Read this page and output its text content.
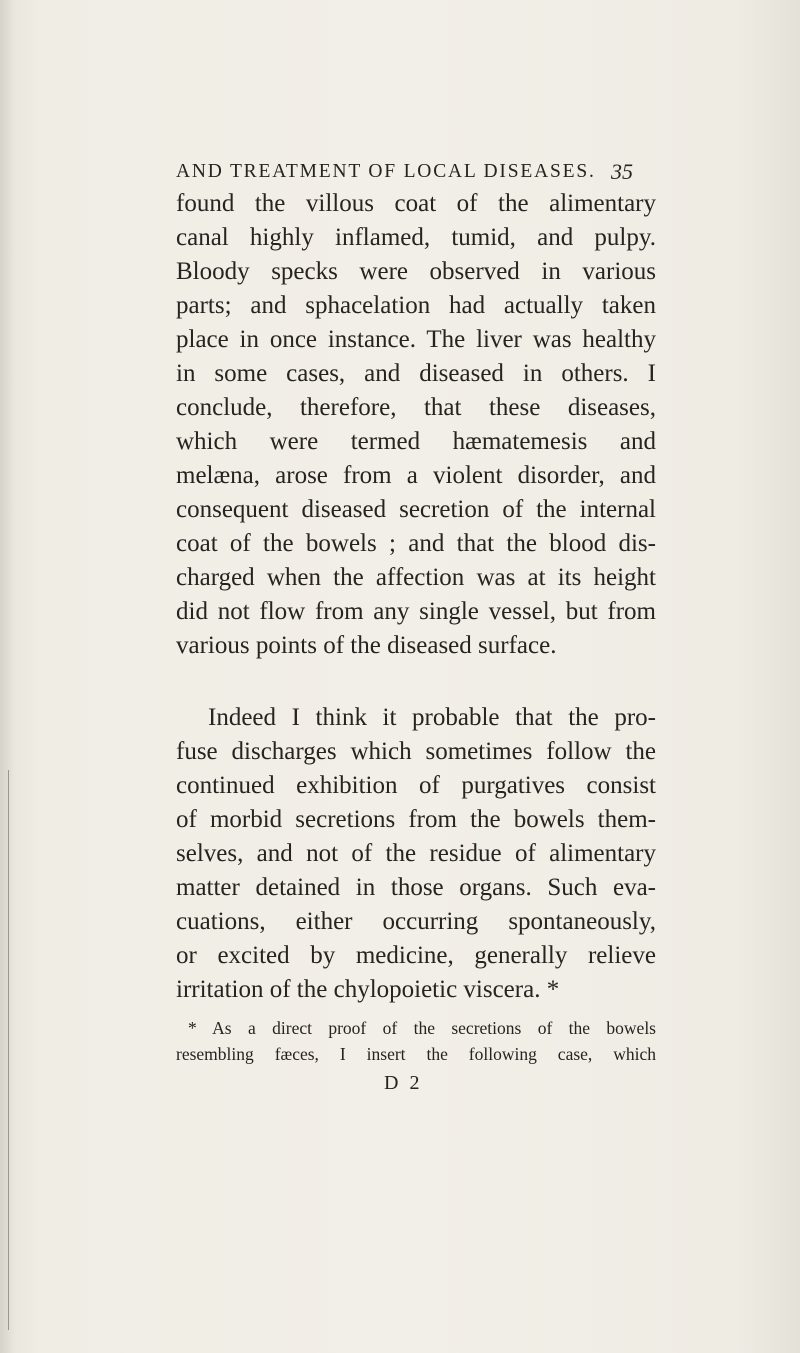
AND TREATMENT OF LOCAL DISEASES. 35
found the villous coat of the alimentary
canal highly inflamed, tumid, and pulpy.
Bloody specks were observed in various
parts; and sphacelation had actually taken
place in once instance. The liver was healthy
in some cases, and diseased in others. I
conclude, therefore, that these diseases,
which were termed hæmatemesis and
melæna, arose from a violent disorder, and
consequent diseased secretion of the internal
coat of the bowels ; and that the blood dis-
charged when the affection was at its height
did not flow from any single vessel, but from
various points of the diseased surface.
Indeed I think it probable that the pro-
fuse discharges which sometimes follow the
continued exhibition of purgatives consist
of morbid secretions from the bowels them-
selves, and not of the residue of alimentary
matter detained in those organs. Such eva-
cuations, either occurring spontaneously,
or excited by medicine, generally relieve
irritation of the chylopoietic viscera. *
* As a direct proof of the secretions of the bowels
resembling fæces, I insert the following case, which
D 2
